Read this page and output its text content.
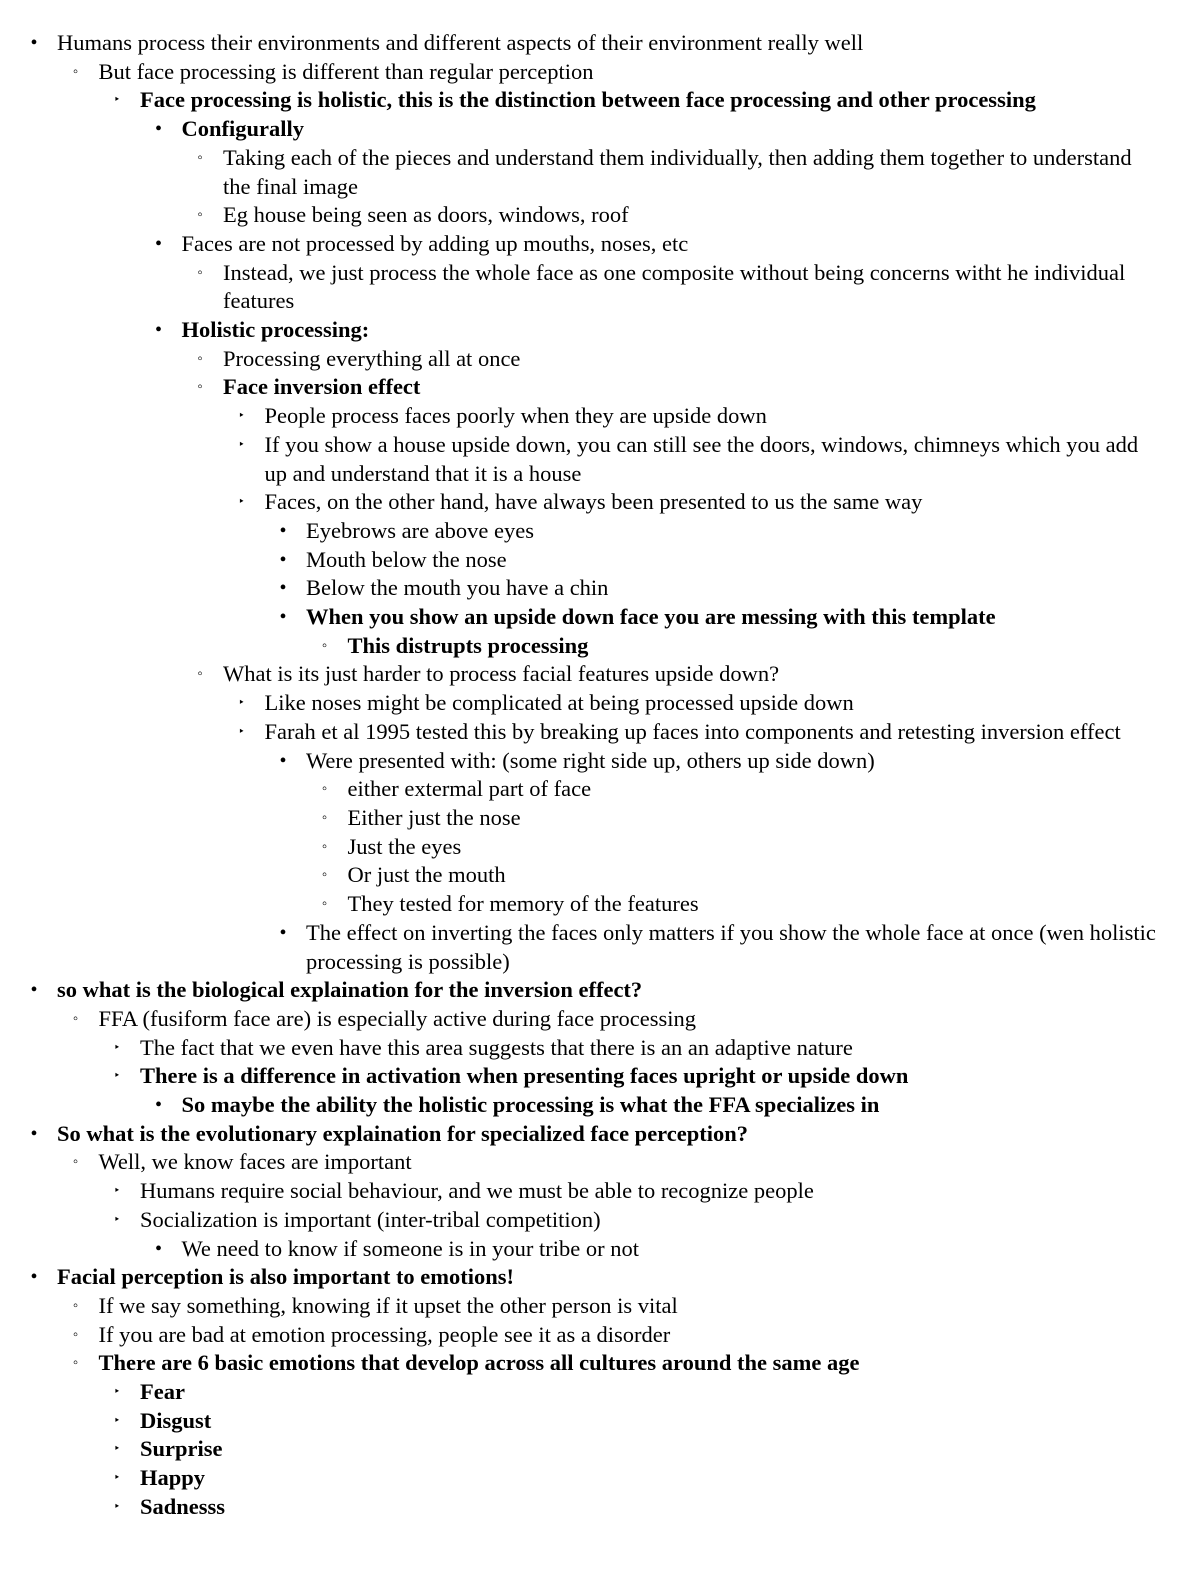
• Humans process their environments and different aspects of their environment really well
◦ But face processing is different than regular perception
‣ Face processing is holistic, this is the distinction between face processing and other processing
• Configurally
◦ Taking each of the pieces and understand them individually, then adding them together to understand the final image
◦ Eg house being seen as doors, windows, roof
• Faces are not processed by adding up mouths, noses, etc
◦ Instead, we just process the whole face as one composite without being concerns witht he individual features
• Holistic processing:
◦ Processing everything all at once
◦ Face inversion effect
‣ People process faces poorly when they are upside down
‣ If you show a house upside down, you can still see the doors, windows, chimneys which you add up and understand that it is a house
‣ Faces, on the other hand, have always been presented to us the same way
• Eyebrows are above eyes
• Mouth below the nose
• Below the mouth you have a chin
• When you show an upside down face you are messing with this template
◦ This distrupts processing
◦ What is its just harder to process facial features upside down?
‣ Like noses might be complicated at being processed upside down
‣ Farah et al 1995 tested this by breaking up faces into components and retesting inversion effect
• Were presented with: (some right side up, others up side down)
◦ either extermal part of face
◦ Either just the nose
◦ Just the eyes
◦ Or just the mouth
◦ They tested for memory of the features
• The effect on inverting the faces only matters if you show the whole face at once (wen holistic processing is possible)
• so what is the biological explaination for the inversion effect?
◦ FFA (fusiform face are) is especially active during face processing
‣ The fact that we even have this area suggests that there is an an adaptive nature
‣ There is a difference in activation when presenting faces upright or upside down
• So maybe the ability the holistic processing is what the FFA specializes in
• So what is the evolutionary explaination for specialized face perception?
◦ Well, we know faces are important
‣ Humans require social behaviour, and we must be able to recognize people
‣ Socialization is important (inter-tribal competition)
• We need to know if someone is in your tribe or not
• Facial perception is also important to emotions!
◦ If we say something, knowing if it upset the other person is vital
◦ If you are bad at emotion processing, people see it as a disorder
◦ There are 6 basic emotions that develop across all cultures around the same age
‣ Fear
‣ Disgust
‣ Surprise
‣ Happy
‣ Sadnesss
